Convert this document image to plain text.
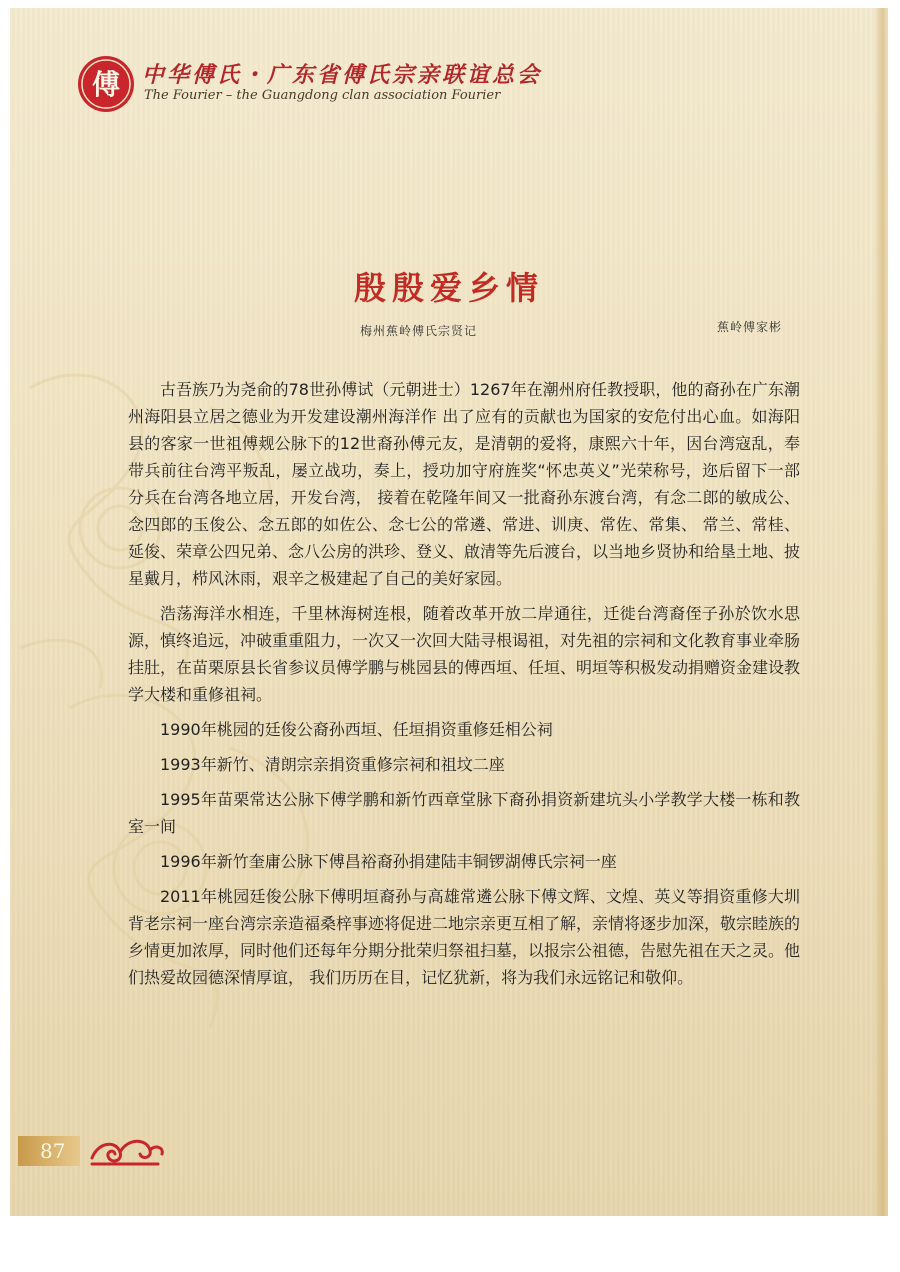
傅 中华傅氏・广东省傅氏宗亲联谊总会

The Fourier – the Guangdong clan association Fourier

殷殷爱乡情

梅州蕉岭傅氏宗贤记	蕉岭傅家彬

古吾族乃为尧俞的78世孙傅试（元朝进士）1267年在潮州府任教授职，他的裔孙在广东潮州海阳县立居之德业为开发建设潮州海洋作 出了应有的贡献也为国家的安危付出心血。如海阳县的客家一世祖傅觌公脉下的12世裔孙傅元友，是清朝的爱将，康熙六十年，因台湾寇乱，奉带兵前往台湾平叛乱，屡立战功，奏上，授功加守府旌奖“怀忠英义”光荣称号，迩后留下一部分兵在台湾各地立居，开发台湾， 接着在乾隆年间又一批裔孙东渡台湾，有念二郎的敏成公、念四郎的玉俊公、念五郎的如佐公、念七公的常遴、常进、训庚、常佐、常集、 常兰、常桂、延俊、荣章公四兄弟、念八公房的洪珍、登义、啟清等先后渡台，以当地乡贤协和给垦土地、披星戴月，栉风沐雨，艰辛之极建起了自己的美好家园。

浩荡海洋水相连，千里林海树连根，随着改革开放二岸通往，迁徙台湾裔侄子孙於饮水思源，慎终追远，冲破重重阻力，一次又一次回大陆寻根谒祖，对先祖的宗祠和文化教育事业牵肠挂肚，在苗栗原县长省参议员傅学鹏与桃园县的傅西垣、任垣、明垣等积极发动捐赠资金建设教学大楼和重修祖祠。

1990年桃园的廷俊公裔孙西垣、任垣捐资重修廷相公祠

1993年新竹、清朗宗亲捐资重修宗祠和祖坟二座

1995年苗栗常达公脉下傅学鹏和新竹西章堂脉下裔孙捐资新建坑头小学教学大楼一栋和教室一间

1996年新竹奎庸公脉下傅昌裕裔孙捐建陆丰铜锣湖傅氏宗祠一座

2011年桃园廷俊公脉下傅明垣裔孙与高雄常遴公脉下傅文辉、文煌、英义等捐资重修大圳背老宗祠一座台湾宗亲造福桑梓事迹将促进二地宗亲更互相了解，亲情将逐步加深，敬宗睦族的乡情更加浓厚，同时他们还每年分期分批荣归祭祖扫墓，以报宗公祖德，告慰先祖在天之灵。他们热爱故园德深情厚谊， 我们历历在目，记忆犹新，将为我们永远铭记和敬仰。

87
